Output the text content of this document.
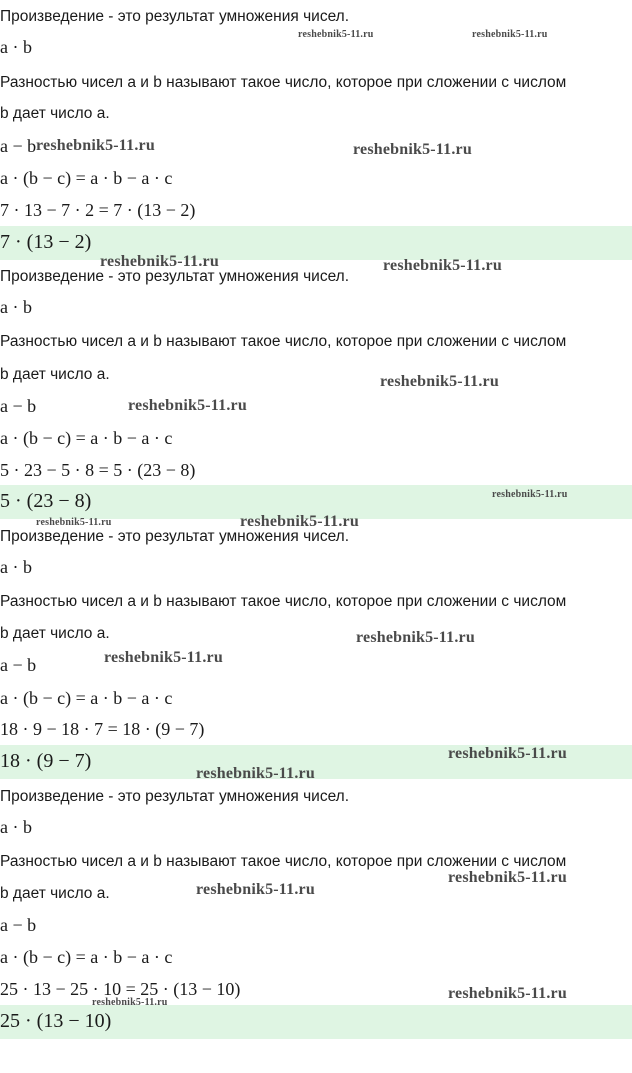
Произведение - это результат умножения чисел.
a · b
Разностью чисел a и b называют такое число, которое при сложении с числом
b дает число a.
a − b
a · (b − c) = a · b − a · c
7 · 13 − 7 · 2 = 7 · (13 − 2)
7 · (13 − 2)
Произведение - это результат умножения чисел.
a · b
Разностью чисел a и b называют такое число, которое при сложении с числом
b дает число a.
a − b
a · (b − c) = a · b − a · c
5 · 23 − 5 · 8 = 5 · (23 − 8)
5 · (23 − 8)
Произведение - это результат умножения чисел.
a · b
Разностью чисел a и b называют такое число, которое при сложении с числом
b дает число a.
a − b
a · (b − c) = a · b − a · c
18 · 9 − 18 · 7 = 18 · (9 − 7)
18 · (9 − 7)
Произведение - это результат умножения чисел.
a · b
Разностью чисел a и b называют такое число, которое при сложении с числом
b дает число a.
a − b
a · (b − c) = a · b − a · c
25 · 13 − 25 · 10 = 25 · (13 − 10)
25 · (13 − 10)
reshebnik5-11.ru	reshebnik5-11.ru
reshebnik5-11.ru	reshebnik5-11.ru
reshebnik5-11.ru	reshebnik5-11.ru
reshebnik5-11.ru
reshebnik5-11.ru
reshebnik5-11.ru
reshebnik5-11.ru	reshebnik5-11.ru
reshebnik5-11.ru
reshebnik5-11.ru
reshebnik5-11.ru
reshebnik5-11.ru
reshebnik5-11.ru
reshebnik5-11.ru
reshebnik5-11.ru
reshebnik5-11.ru
